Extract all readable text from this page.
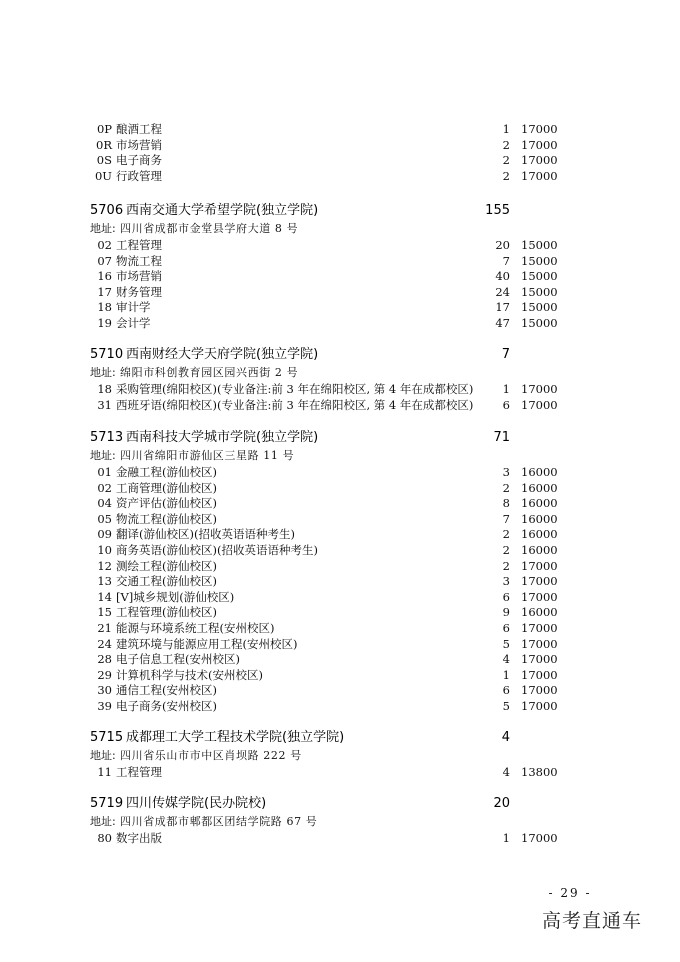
0P 酿酒工程	1 17000
0R 市场营销	2 17000
0S 电子商务	2 17000
0U 行政管理	2 17000
5706 西南交通大学希望学院(独立学院)	155
地址: 四川省成都市金堂县学府大道 8 号
02 工程管理	20 15000
07 物流工程	7 15000
16 市场营销	40 15000
17 财务管理	24 15000
18 审计学	17 15000
19 会计学	47 15000
5710 西南财经大学天府学院(独立学院)	7
地址: 绵阳市科创教育园区园兴西街 2 号
18 采购管理(绵阳校区)(专业备注:前 3 年在绵阳校区, 第 4 年在成都校区)	1 17000
31 西班牙语(绵阳校区)(专业备注:前 3 年在绵阳校区, 第 4 年在成都校区)	6 17000
5713 西南科技大学城市学院(独立学院)	71
地址: 四川省绵阳市游仙区三星路 11 号
01 金融工程(游仙校区)	3 16000
02 工商管理(游仙校区)	2 16000
04 资产评估(游仙校区)	8 16000
05 物流工程(游仙校区)	7 16000
09 翻译(游仙校区)(招收英语语种考生)	2 16000
10 商务英语(游仙校区)(招收英语语种考生)	2 16000
12 测绘工程(游仙校区)	2 17000
13 交通工程(游仙校区)	3 17000
14 [V]城乡规划(游仙校区)	6 17000
15 工程管理(游仙校区)	9 16000
21 能源与环境系统工程(安州校区)	6 17000
24 建筑环境与能源应用工程(安州校区)	5 17000
28 电子信息工程(安州校区)	4 17000
29 计算机科学与技术(安州校区)	1 17000
30 通信工程(安州校区)	6 17000
39 电子商务(安州校区)	5 17000
5715 成都理工大学工程技术学院(独立学院)	4
地址: 四川省乐山市市中区肖坝路 222 号
11 工程管理	4 13800
5719 四川传媒学院(民办院校)	20
地址: 四川省成都市郫都区团结学院路 67 号
80 数字出版	1 17000
- 29 -
高考直通车
